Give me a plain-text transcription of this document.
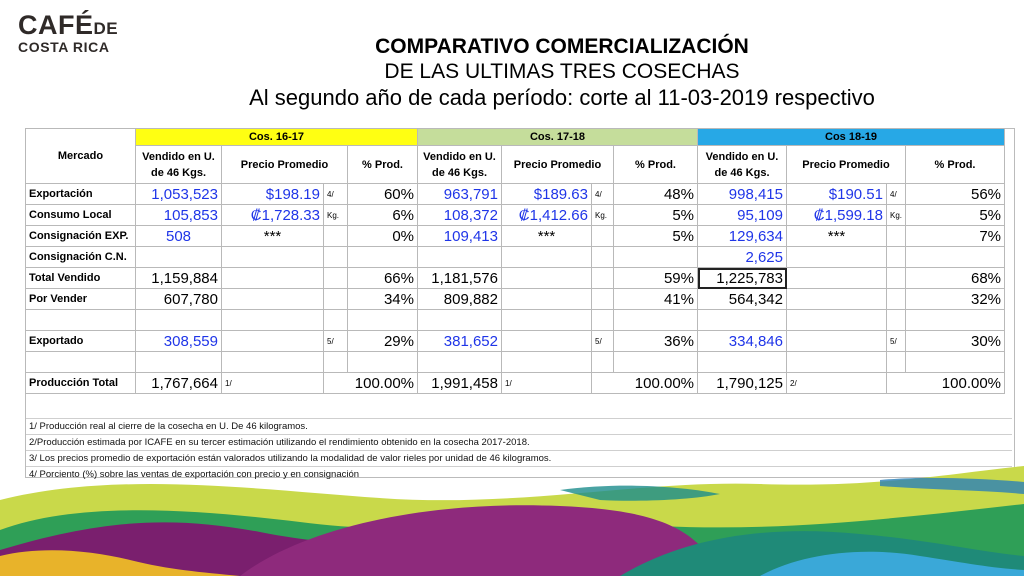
CAFÉDE
COSTA RICA	COMPARATIVO COMERCIALIZACIÓN
DE LAS ULTIMAS TRES COSECHAS
Al segundo año de cada período: corte al 11-03-2019 respectivo
Mercado	Cos. 16-17				Cos. 17-18				Cos 18-19			
	Vendido en U. de 46 Kgs.	Precio Promedio		% Prod.	Vendido en U. de 46 Kgs.	Precio Promedio		% Prod.	Vendido en U. de 46 Kgs.	Precio Promedio		% Prod.
Exportación	1,053,523	$198.19	4/	60%	963,791	$189.63	4/	48%	998,415	$190.51	4/	56%
Consumo Local	105,853	₡1,728.33	Kg.	6%	108,372	₡1,412.66	Kg.	5%	95,109	₡1,599.18	Kg.	5%
Consignación EXP.	508	***		0%	109,413	***		5%	129,634	***		7%
Consignación C.N.									2,625			
Total Vendido	1,159,884			66%	1,181,576			59%	1,225,783			68%
Por Vender	607,780			34%	809,882			41%	564,342			32%

Exportado	308,559		5/	29%	381,652		5/	36%	334,846		5/	30%

Producción Total	1,767,664	1/	100.00%		1,991,458	1/	100.00%		1,790,125	2/	100.00%	
1/ Producción real al cierre de la cosecha en U. De 46 kilogramos.
2/Producción estimada por ICAFE en su tercer estimación utilizando el rendimiento obtenido en la cosecha 2017-2018.
3/ Los precios promedio de exportación están valorados utilizando la modalidad de valor rieles por unidad de 46 kilogramos.
4/ Porciento (%) sobre las ventas de exportación con precio y en consignación
